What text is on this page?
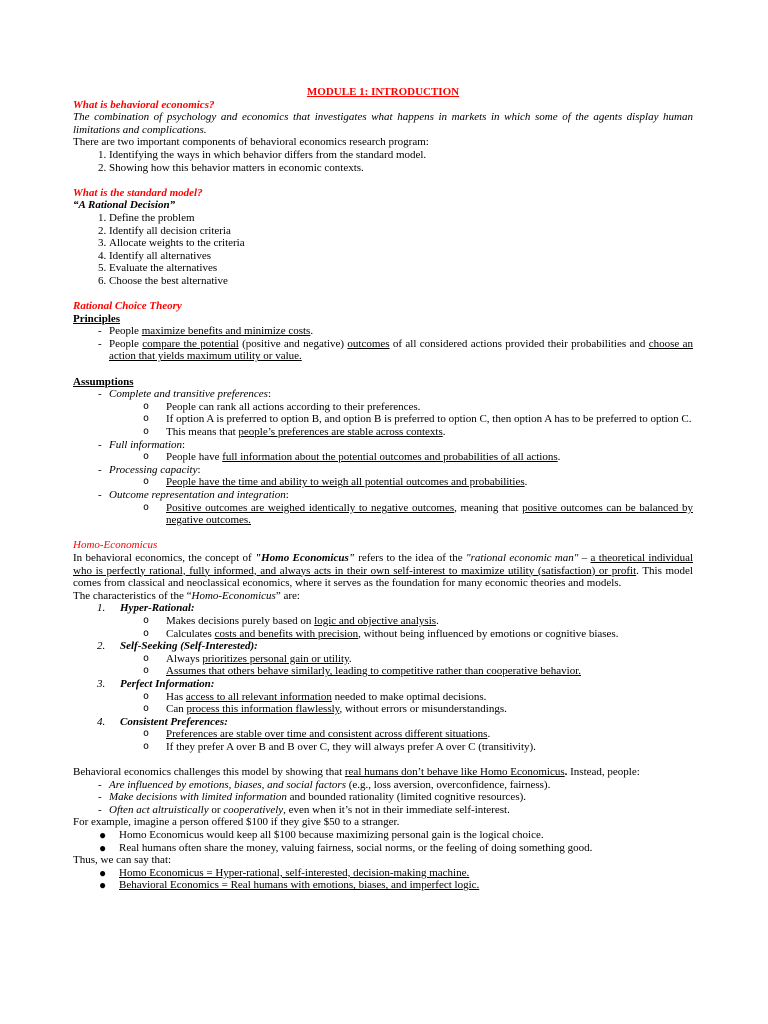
MODULE 1: INTRODUCTION

What is behavioral economics?

The combination of psychology and economics that investigates what happens in markets in which some of the agents display human limitations and complications.

There are two important components of behavioral economics research program:

1. Identifying the ways in which behavior differs from the standard model.
2. Showing how this behavior matters in economic contexts.

What is the standard model?

“A Rational Decision”

1. Define the problem
2. Identify all decision criteria
3. Allocate weights to the criteria
4. Identify all alternatives
5. Evaluate the alternatives
6. Choose the best alternative

Rational Choice Theory

Principles

- People maximize benefits and minimize costs.
- People compare the potential (positive and negative) outcomes of all considered actions provided their probabilities and choose an action that yields maximum utility or value.

Assumptions

- Complete and transitive preferences:
o People can rank all actions according to their preferences.
o If option A is preferred to option B, and option B is preferred to option C, then option A has to be preferred to option C.
o This means that people’s preferences are stable across contexts.
- Full information:
o People have full information about the potential outcomes and probabilities of all actions.
- Processing capacity:
o People have the time and ability to weigh all potential outcomes and probabilities.
- Outcome representation and integration:
o Positive outcomes are weighed identically to negative outcomes, meaning that positive outcomes can be balanced by negative outcomes.

Homo-Economicus

In behavioral economics, the concept of "Homo Economicus" refers to the idea of the "rational economic man" – a theoretical individual who is perfectly rational, fully informed, and always acts in their own self-interest to maximize utility (satisfaction) or profit. This model comes from classical and neoclassical economics, where it serves as the foundation for many economic theories and models.

The characteristics of the “Homo-Economicus” are:

1. Hyper-Rational:
o Makes decisions purely based on logic and objective analysis.
o Calculates costs and benefits with precision, without being influenced by emotions or cognitive biases.
2. Self-Seeking (Self-Interested):
o Always prioritizes personal gain or utility.
o Assumes that others behave similarly, leading to competitive rather than cooperative behavior.
3. Perfect Information:
o Has access to all relevant information needed to make optimal decisions.
o Can process this information flawlessly, without errors or misunderstandings.
4. Consistent Preferences:
o Preferences are stable over time and consistent across different situations.
o If they prefer A over B and B over C, they will always prefer A over C (transitivity).

Behavioral economics challenges this model by showing that real humans don’t behave like Homo Economicus. Instead, people:

- Are influenced by emotions, biases, and social factors (e.g., loss aversion, overconfidence, fairness).
- Make decisions with limited information and bounded rationality (limited cognitive resources).
- Often act altruistically or cooperatively, even when it’s not in their immediate self-interest.

For example, imagine a person offered $100 if they give $50 to a stranger.

● Homo Economicus would keep all $100 because maximizing personal gain is the logical choice.
● Real humans often share the money, valuing fairness, social norms, or the feeling of doing something good.

Thus, we can say that:

● Homo Economicus = Hyper-rational, self-interested, decision-making machine.
● Behavioral Economics = Real humans with emotions, biases, and imperfect logic.
